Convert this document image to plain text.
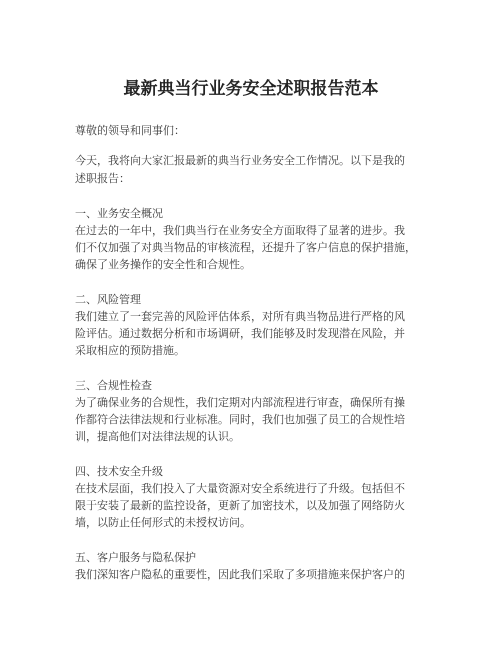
最新典当行业务安全述职报告范本

尊敬的领导和同事们：

今天，我将向大家汇报最新的典当行业务安全工作情况。以下是我的

述职报告：

一、业务安全概况

在过去的一年中，我们典当行在业务安全方面取得了显著的进步。我

们不仅加强了对典当物品的审核流程，还提升了客户信息的保护措施，

确保了业务操作的安全性和合规性。

二、风险管理

我们建立了一套完善的风险评估体系，对所有典当物品进行严格的风

险评估。通过数据分析和市场调研，我们能够及时发现潜在风险，并

采取相应的预防措施。

三、合规性检查

为了确保业务的合规性，我们定期对内部流程进行审查，确保所有操

作都符合法律法规和行业标准。同时，我们也加强了员工的合规性培

训，提高他们对法律法规的认识。

四、技术安全升级

在技术层面，我们投入了大量资源对安全系统进行了升级。包括但不

限于安装了最新的监控设备，更新了加密技术，以及加强了网络防火

墙，以防止任何形式的未授权访问。

五、客户服务与隐私保护

我们深知客户隐私的重要性，因此我们采取了多项措施来保护客户的
